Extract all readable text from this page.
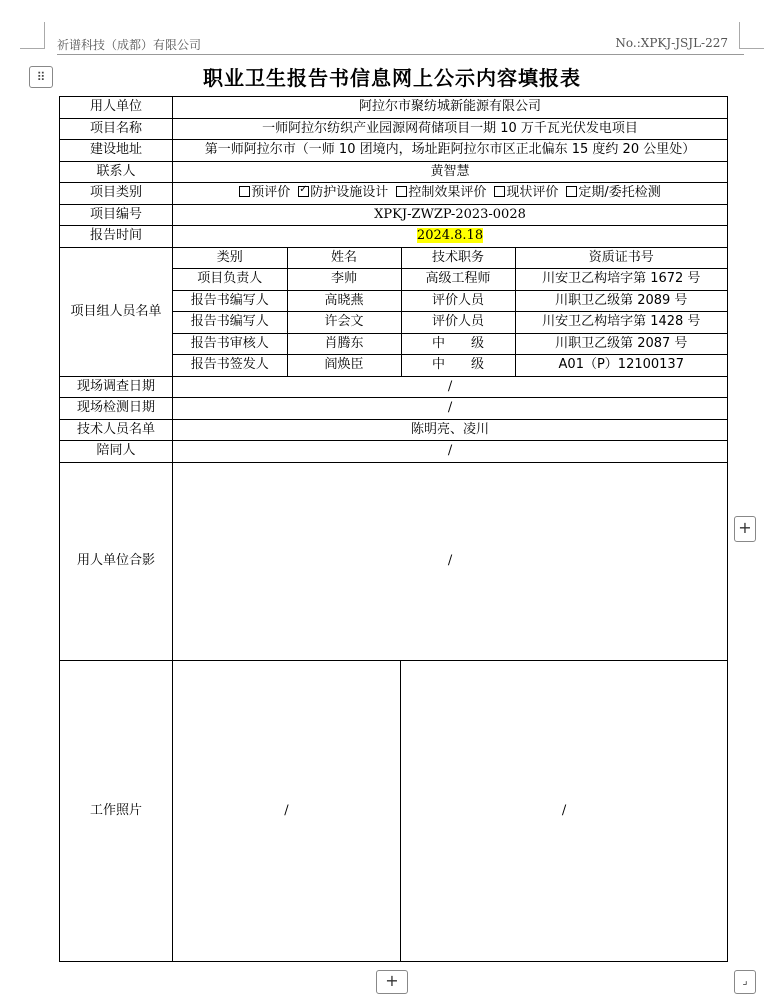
祈谱科技（成都）有限公司	No.:XPKJ-JSJL-227
⠿	职业卫生报告书信息网上公示内容填报表
用人单位	阿拉尔市聚纺城新能源有限公司
项目名称	一师阿拉尔纺织产业园源网荷储项目一期 10 万千瓦光伏发电项目
建设地址	第一师阿拉尔市（一师 10 团境内，场址距阿拉尔市区正北偏东 15 度约 20 公里处）
联系人	黄智慧
项目类别	预评价✓ 防护设施设计 控制效果评价 现状评价 定期/委托检测
项目编号	XPKJ-ZWZP-2023-0028
报告时间	2024.8.18
项目组人员名单	
类别	姓名	技术职务	资质证书号
项目负责人	李帅	高级工程师	川安卫乙构培字第 1672 号
报告书编写人	高晓燕	评价人员	川职卫乙级第 2089 号
报告书编写人	许会文	评价人员	川安卫乙构培字第 1428 号
报告书审核人	肖腾东	中　　级	川职卫乙级第 2087 号
报告书签发人	阎焕臣	中　　级	A01（P）12100137

现场调查日期	/
现场检测日期	/
技术人员名单	陈明亮、凌川
陪同人	/
用人单位合影	/
工作照片	/	/
+
+	⌟
